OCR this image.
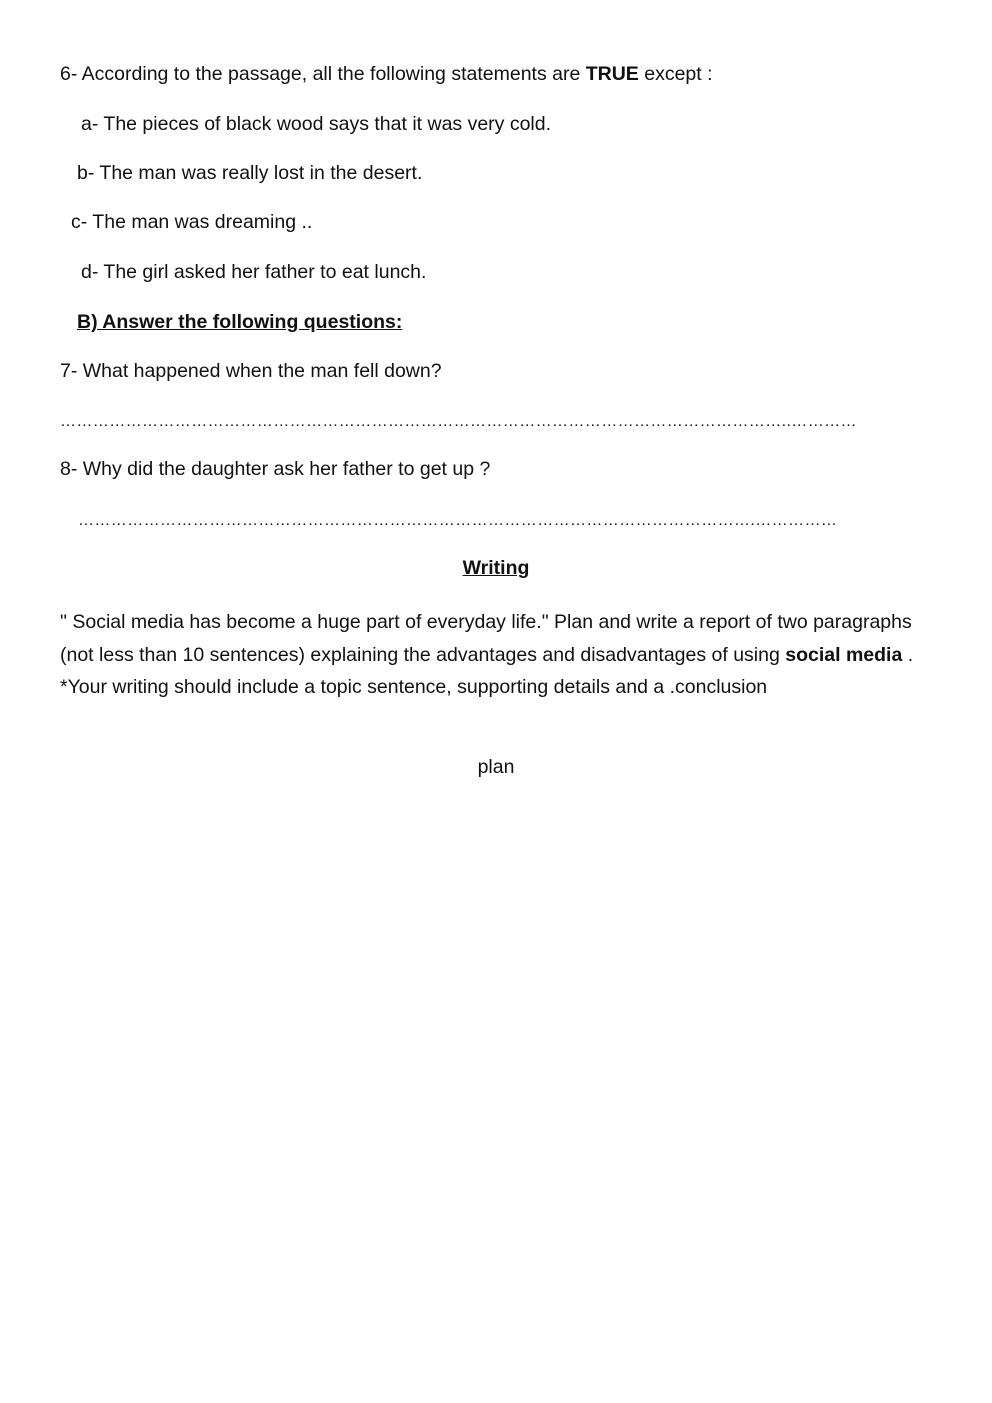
6- According to the passage, all the following statements are TRUE except :
a- The pieces of black wood says that it was very cold.
b- The man was really lost in the desert.
c- The man was dreaming ..
d- The girl asked her father to eat lunch.
B) Answer the following questions:
7- What happened when the man fell down?
……………………………………………………………………………………………………………………..…………
8- Why did the daughter ask her father to get up ?
…………………………………………………………………………………………………………….……………
Writing
" Social media has become a huge part of everyday life." Plan and write a report of two paragraphs (not less than 10 sentences) explaining the advantages and disadvantages of using social media . *Your writing should include a topic sentence, supporting details and a .conclusion
plan
